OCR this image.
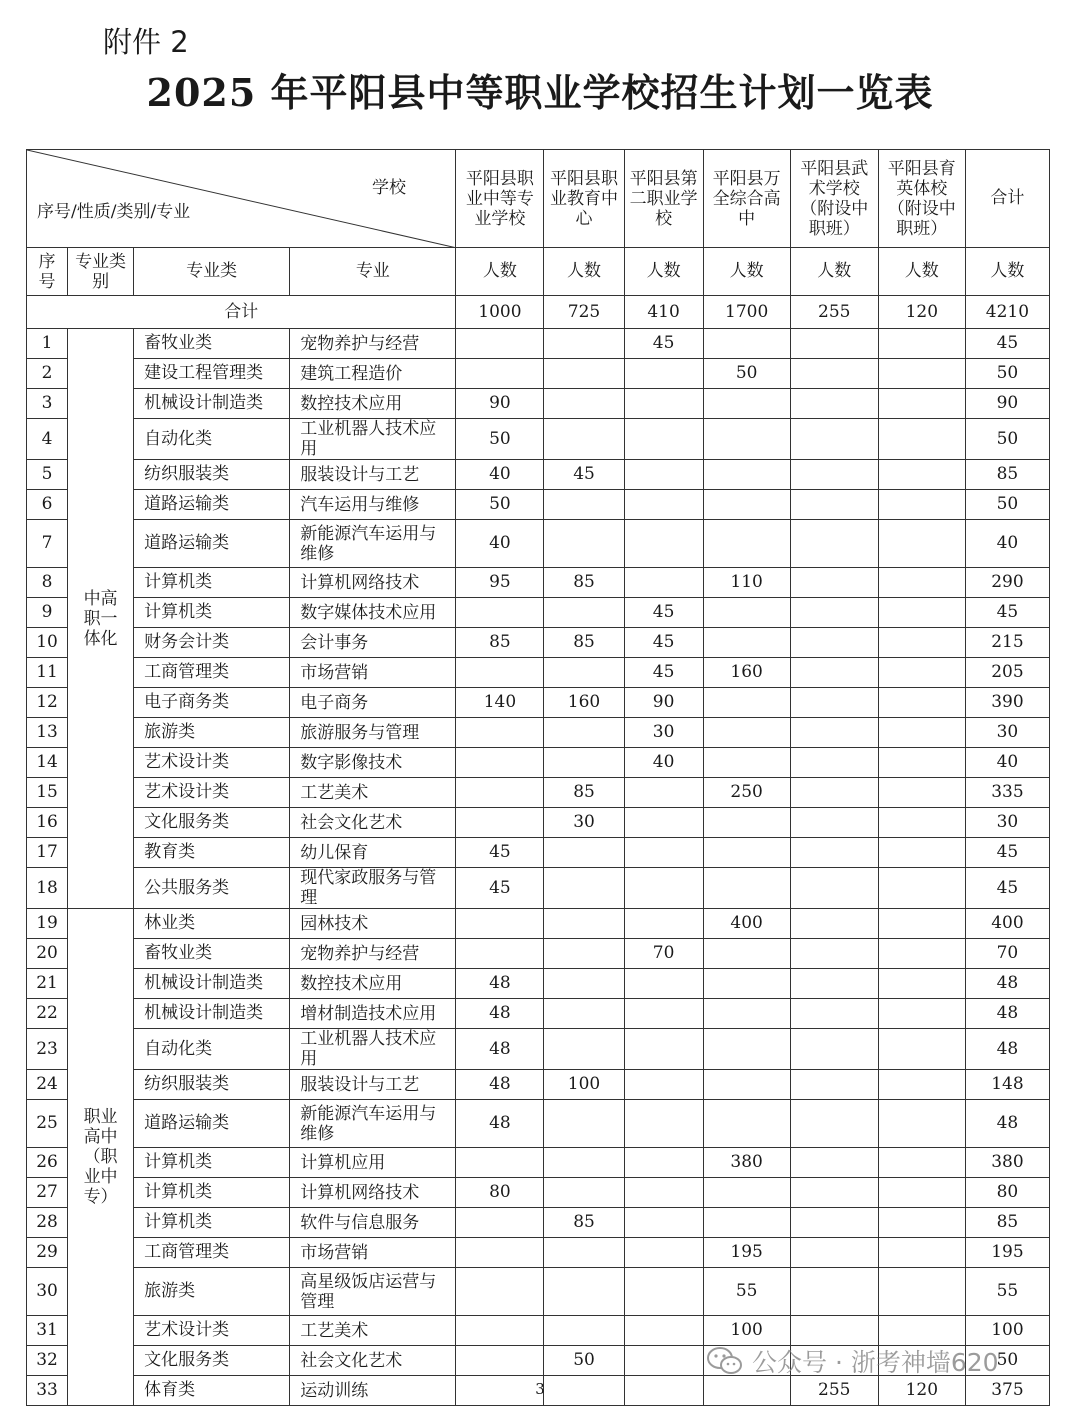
附件 2
2025 年平阳县中等职业学校招生计划一览表
学校
序号/性质/类别/专业				平阳县职业中等专业学校	平阳县职业教育中心	平阳县第二职业学校	平阳县万全综合高中	平阳县武术学校（附设中职班）	平阳县育英体校（附设中职班）	合计
序号	专业类别	专业类	专业	人数	人数	人数	人数	人数	人数	人数
合计				1000	725	410	1700	255	120	4210
1	中高职一体化	畜牧业类	宠物养护与经营			45				45
2		建设工程管理类	建筑工程造价				50			50
3		机械设计制造类	数控技术应用	90						90
4		自动化类	工业机器人技术应用	50						50
5		纺织服装类	服装设计与工艺	40	45					85
6		道路运输类	汽车运用与维修	50						50
7		道路运输类	新能源汽车运用与维修	40						40
8		计算机类	计算机网络技术	95	85		110			290
9		计算机类	数字媒体技术应用			45				45
10		财务会计类	会计事务	85	85	45				215
11		工商管理类	市场营销			45	160			205
12		电子商务类	电子商务	140	160	90				390
13		旅游类	旅游服务与管理			30				30
14		艺术设计类	数字影像技术			40				40
15		艺术设计类	工艺美术		85		250			335
16		文化服务类	社会文化艺术		30					30
17		教育类	幼儿保育	45						45
18		公共服务类	现代家政服务与管理	45						45
19	职业高中（职业中专）	林业类	园林技术				400			400
20		畜牧业类	宠物养护与经营			70				70
21		机械设计制造类	数控技术应用	48						48
22		机械设计制造类	增材制造技术应用	48						48
23		自动化类	工业机器人技术应用	48						48
24		纺织服装类	服装设计与工艺	48	100					148
25		道路运输类	新能源汽车运用与维修	48						48
26		计算机类	计算机应用				380			380
27		计算机类	计算机网络技术	80						80
28		计算机类	软件与信息服务		85					85
29		工商管理类	市场营销				195			195
30		旅游类	高星级饭店运营与管理				55			55
31		艺术设计类	工艺美术				100			100
32		文化服务类	社会文化艺术		50					50
33		体育类	运动训练					255	120	375
3
公众号 · 浙考神墙620
